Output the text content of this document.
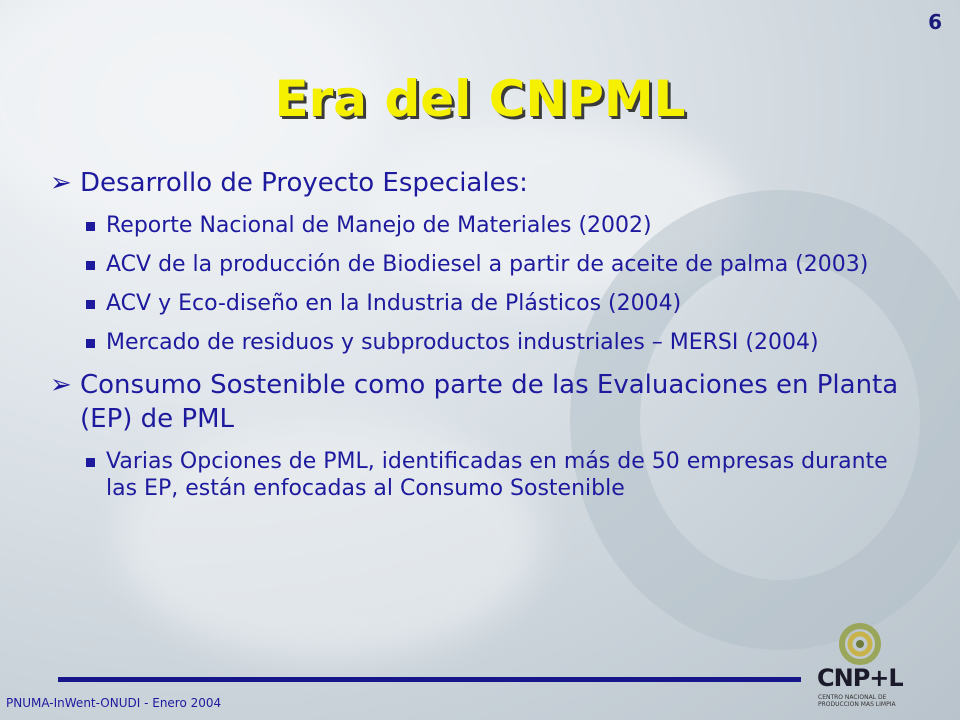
6
Era del CNPML
➢ Desarrollo de Proyecto Especiales:
Reporte Nacional de Manejo de Materiales (2002)
ACV de la producción de Biodiesel a partir de aceite de palma (2003)
ACV y Eco-diseño en la Industria de Plásticos (2004)
Mercado de residuos y subproductos industriales – MERSI (2004)
➢ Consumo Sostenible como parte de las Evaluaciones en Planta (EP) de PML
Varias Opciones de PML, identificadas en más de 50 empresas durante las EP, están enfocadas al Consumo Sostenible
PNUMA-InWent-ONUDI - Enero 2004
CNP+L
CENTRO NACIONAL DE PRODUCCION MAS LIMPIA
